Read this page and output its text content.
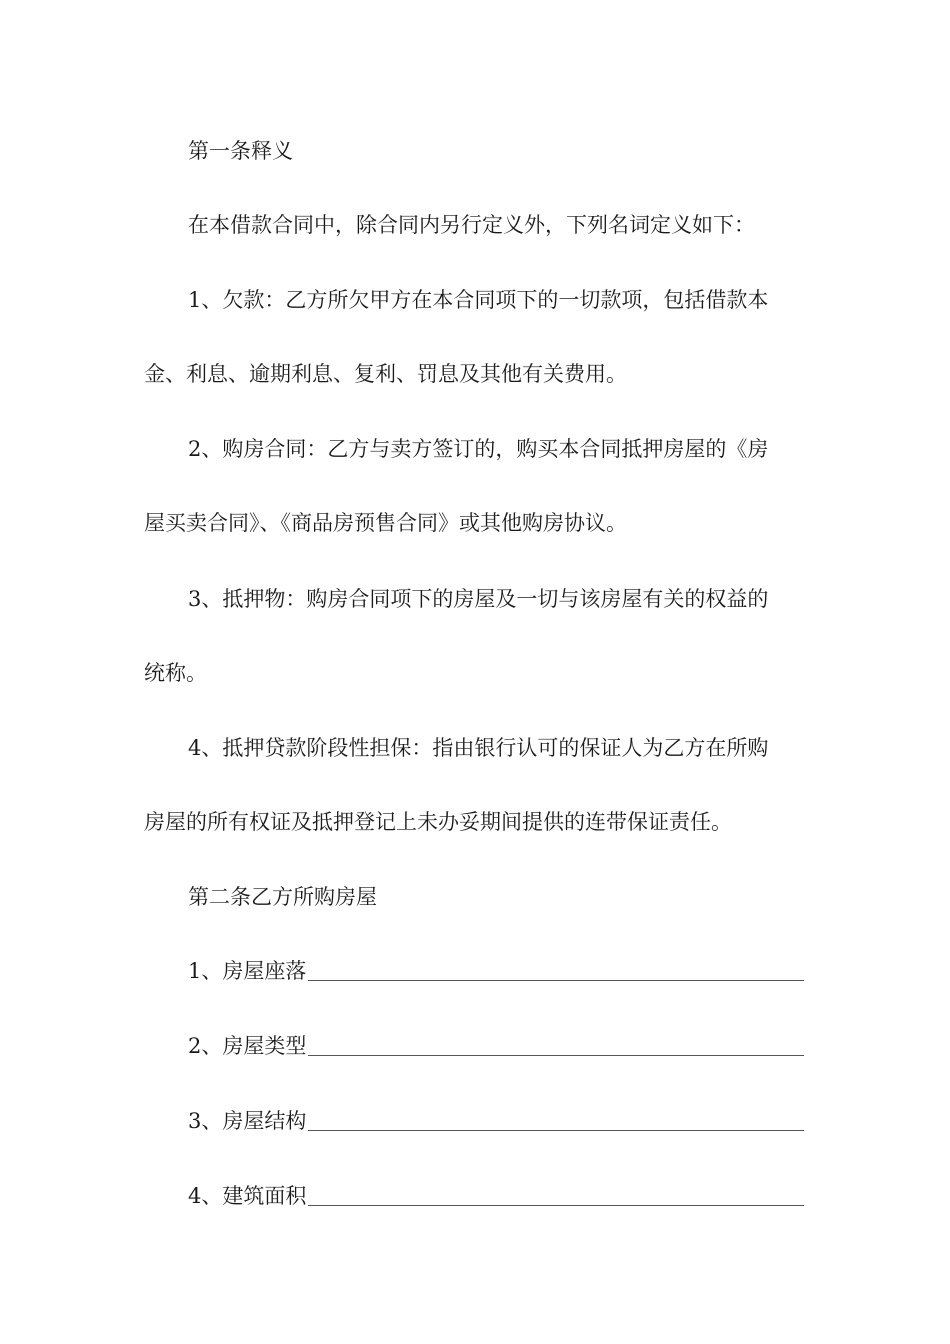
第一条释义
在本借款合同中，除合同内另行定义外，下列名词定义如下：
1、欠款：乙方所欠甲方在本合同项下的一切款项，包括借款本
金、利息、逾期利息、复利、罚息及其他有关费用。
2、购房合同：乙方与卖方签订的，购买本合同抵押房屋的《房
屋买卖合同》、《商品房预售合同》或其他购房协议。
3、抵押物：购房合同项下的房屋及一切与该房屋有关的权益的
统称。
4、抵押贷款阶段性担保：指由银行认可的保证人为乙方在所购
房屋的所有权证及抵押登记上未办妥期间提供的连带保证责任。
第二条乙方所购房屋
1、房屋座落
2、房屋类型
3、房屋结构
4、建筑面积
